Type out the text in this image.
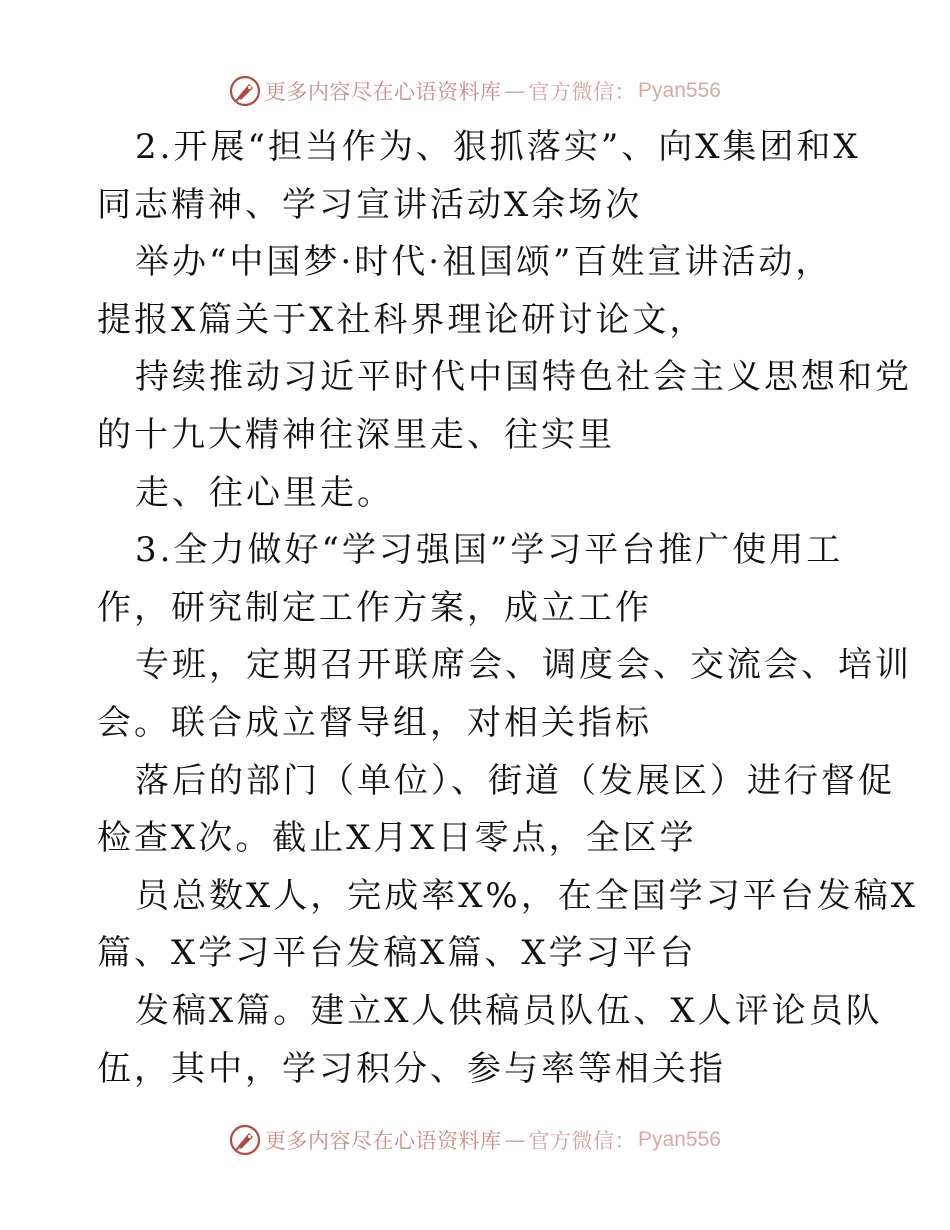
更多内容尽在心语资料库 — 官方微信： Pyan556
2.开展“担当作为、狠抓落实”、向X集团和X
同志精神、学习宣讲活动X余场次
举办“中国梦·时代·祖国颂”百姓宣讲活动，
提报X篇关于X社科界理论研讨论文，
持续推动习近平时代中国特色社会主义思想和党
的十九大精神往深里走、往实里
走、往心里走。
3.全力做好“学习强国”学习平台推广使用工
作，研究制定工作方案，成立工作
专班，定期召开联席会、调度会、交流会、培训
会。联合成立督导组，对相关指标
落后的部门（单位）、街道（发展区）进行督促
检查X次。截止X月X日零点，全区学
员总数X人，完成率X%，在全国学习平台发稿X
篇、X学习平台发稿X篇、X学习平台
发稿X篇。建立X人供稿员队伍、X人评论员队
伍，其中，学习积分、参与率等相关指
更多内容尽在心语资料库 — 官方微信： Pyan556
